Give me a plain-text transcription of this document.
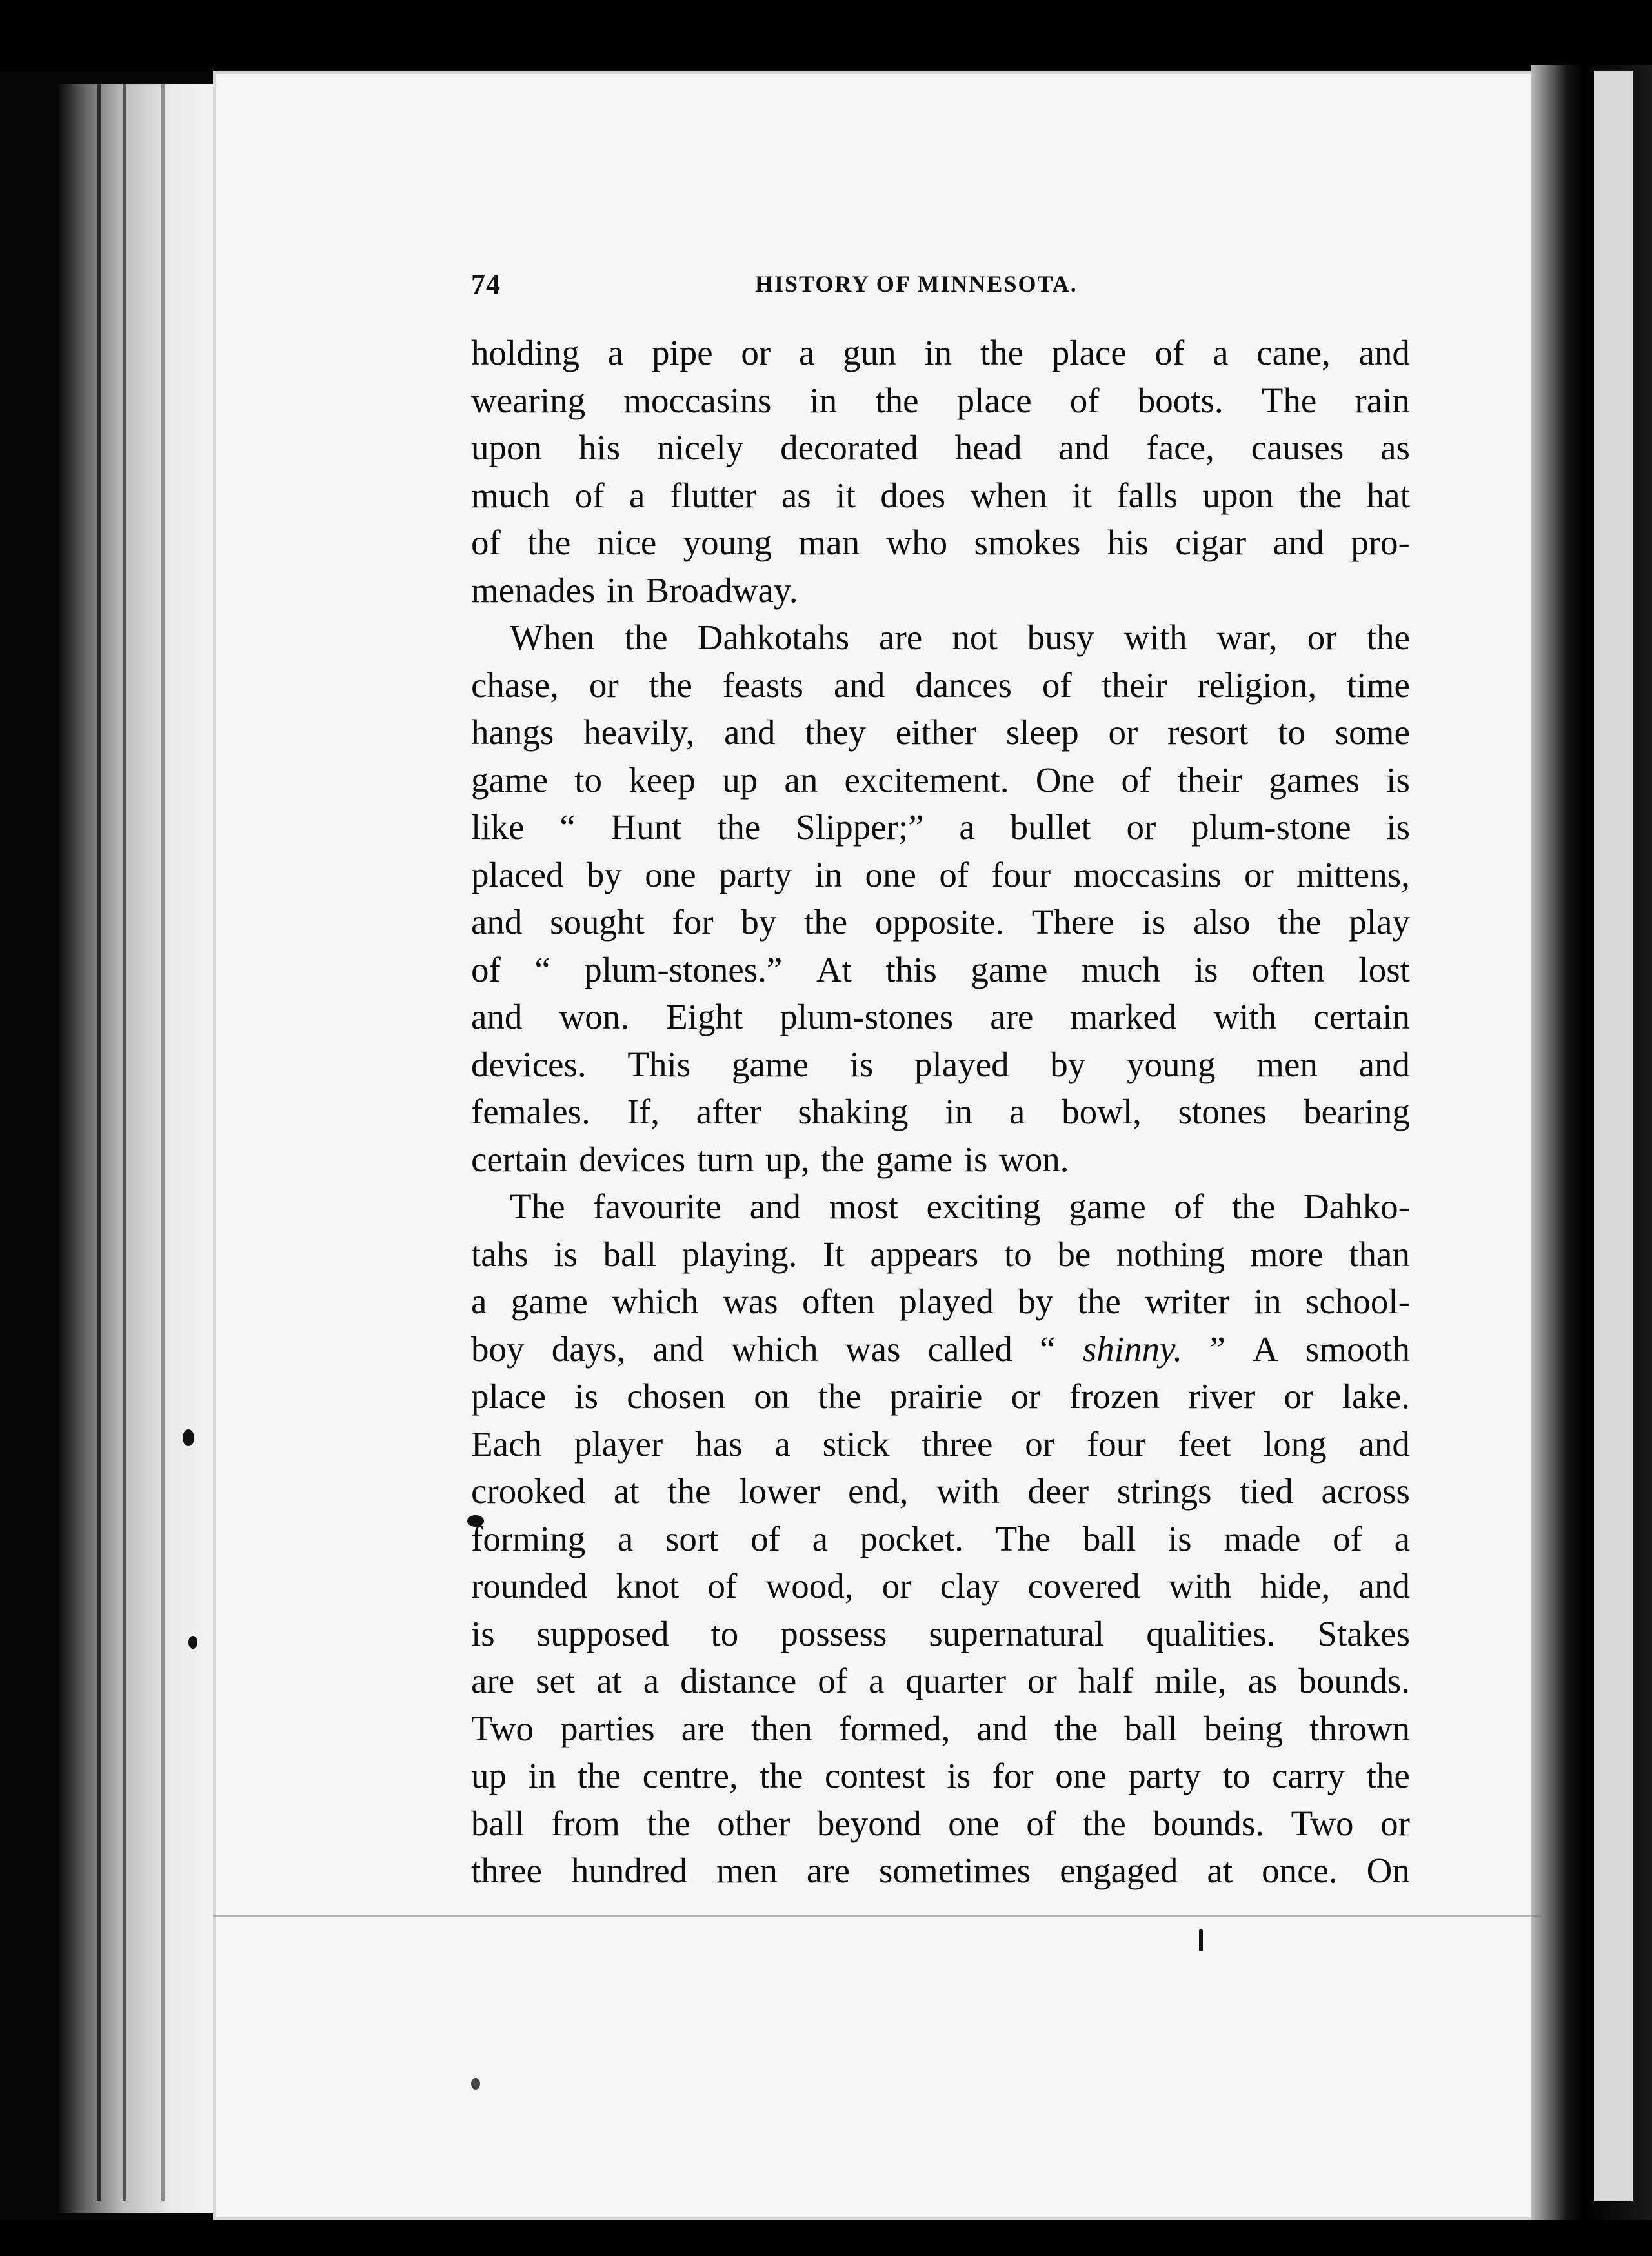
74	HISTORY OF MINNESOTA.
holding a pipe or a gun in the place of a cane, and
wearing moccasins in the place of boots. The rain
upon his nicely decorated head and face, causes as
much of a flutter as it does when it falls upon the hat
of the nice young man who smokes his cigar and pro-
menades in Broadway.
When the Dahkotahs are not busy with war, or the
chase, or the feasts and dances of their religion, time
hangs heavily, and they either sleep or resort to some
game to keep up an excitement. One of their games is
like “ Hunt the Slipper;” a bullet or plum-stone is
placed by one party in one of four moccasins or mittens,
and sought for by the opposite. There is also the play
of “ plum-stones.” At this game much is often lost
and won. Eight plum-stones are marked with certain
devices. This game is played by young men and
females. If, after shaking in a bowl, stones bearing
certain devices turn up, the game is won.
The favourite and most exciting game of the Dahko-
tahs is ball playing. It appears to be nothing more than
a game which was often played by the writer in school-
boy days, and which was called “ shinny. ” A smooth
place is chosen on the prairie or frozen river or lake.
Each player has a stick three or four feet long and
crooked at the lower end, with deer strings tied across
forming a sort of a pocket. The ball is made of a
rounded knot of wood, or clay covered with hide, and
is supposed to possess supernatural qualities. Stakes
are set at a distance of a quarter or half mile, as bounds.
Two parties are then formed, and the ball being thrown
up in the centre, the contest is for one party to carry the
ball from the other beyond one of the bounds. Two or
three hundred men are sometimes engaged at once. On
